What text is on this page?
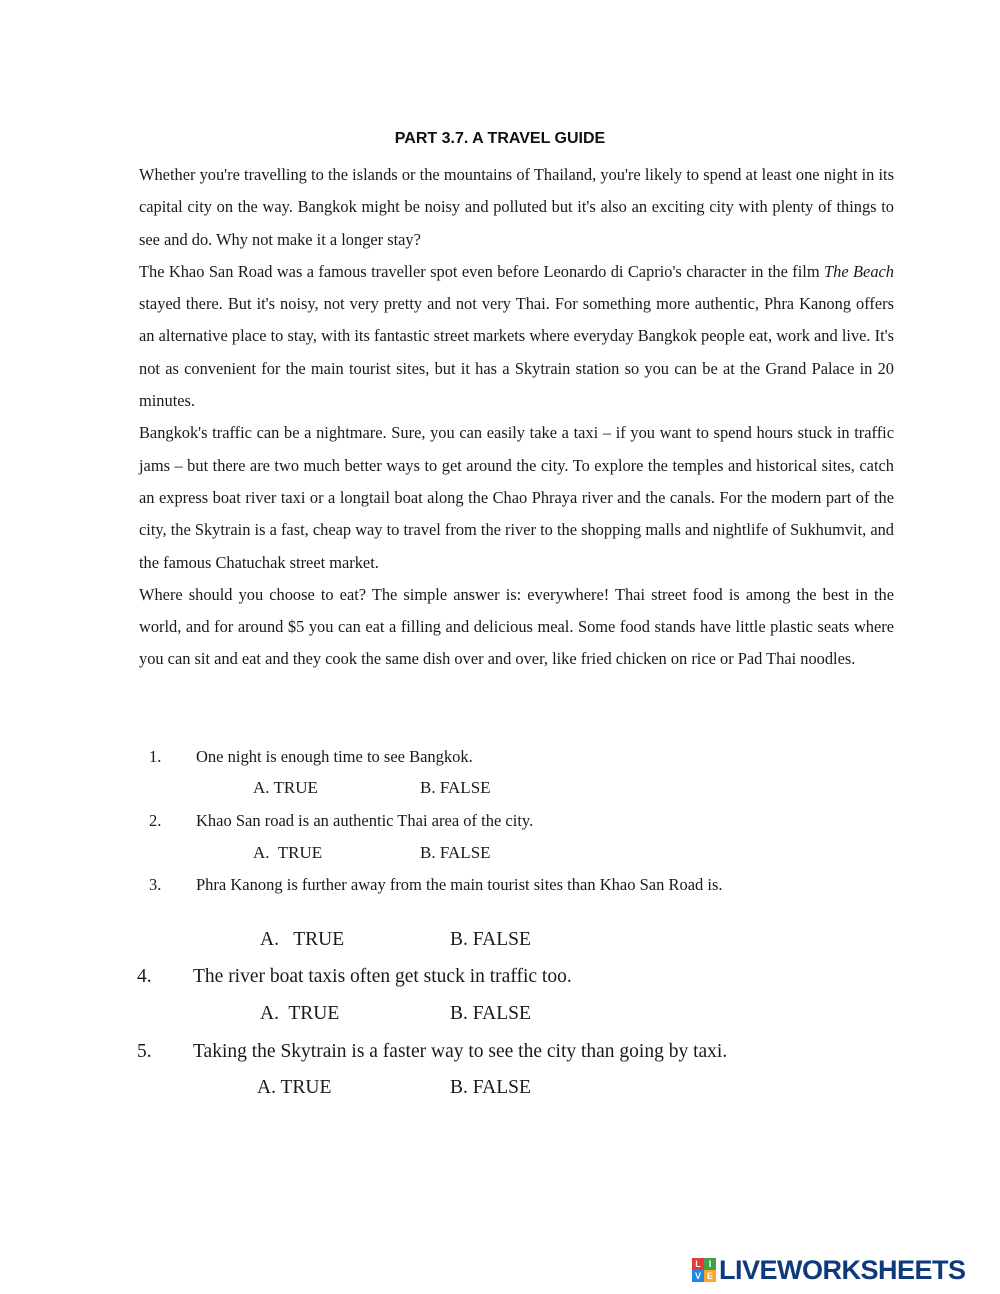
PART 3.7. A TRAVEL GUIDE

Whether you're travelling to the islands or the mountains of Thailand, you're likely to spend at least one night in its capital city on the way. Bangkok might be noisy and polluted but it's also an exciting city with plenty of things to see and do. Why not make it a longer stay?

The Khao San Road was a famous traveller spot even before Leonardo di Caprio's character in the film The Beach stayed there. But it's noisy, not very pretty and not very Thai. For something more authentic, Phra Kanong offers an alternative place to stay, with its fantastic street markets where everyday Bangkok people eat, work and live. It's not as convenient for the main tourist sites, but it has a Skytrain station so you can be at the Grand Palace in 20 minutes.

Bangkok's traffic can be a nightmare. Sure, you can easily take a taxi – if you want to spend hours stuck in traffic jams – but there are two much better ways to get around the city. To explore the temples and historical sites, catch an express boat river taxi or a longtail boat along the Chao Phraya river and the canals. For the modern part of the city, the Skytrain is a fast, cheap way to travel from the river to the shopping malls and nightlife of Sukhumvit, and the famous Chatuchak street market.

Where should you choose to eat? The simple answer is: everywhere! Thai street food is among the best in the world, and for around $5 you can eat a filling and delicious meal. Some food stands have little plastic seats where you can sit and eat and they cook the same dish over and over, like fried chicken on rice or Pad Thai noodles.

1. One night is enough time to see Bangkok.
A. TRUE	B. FALSE
2. Khao San road is an authentic Thai area of the city.
A.  TRUE	B. FALSE
3. Phra Kanong is further away from the main tourist sites than Khao San Road is.
A.   TRUE	B. FALSE
4. The river boat taxis often get stuck in traffic too.
A.  TRUE	B. FALSE
5. Taking the Skytrain is a faster way to see the city than going by taxi.
A. TRUE	B. FALSE
L I
V E LIVEWORKSHEETS
